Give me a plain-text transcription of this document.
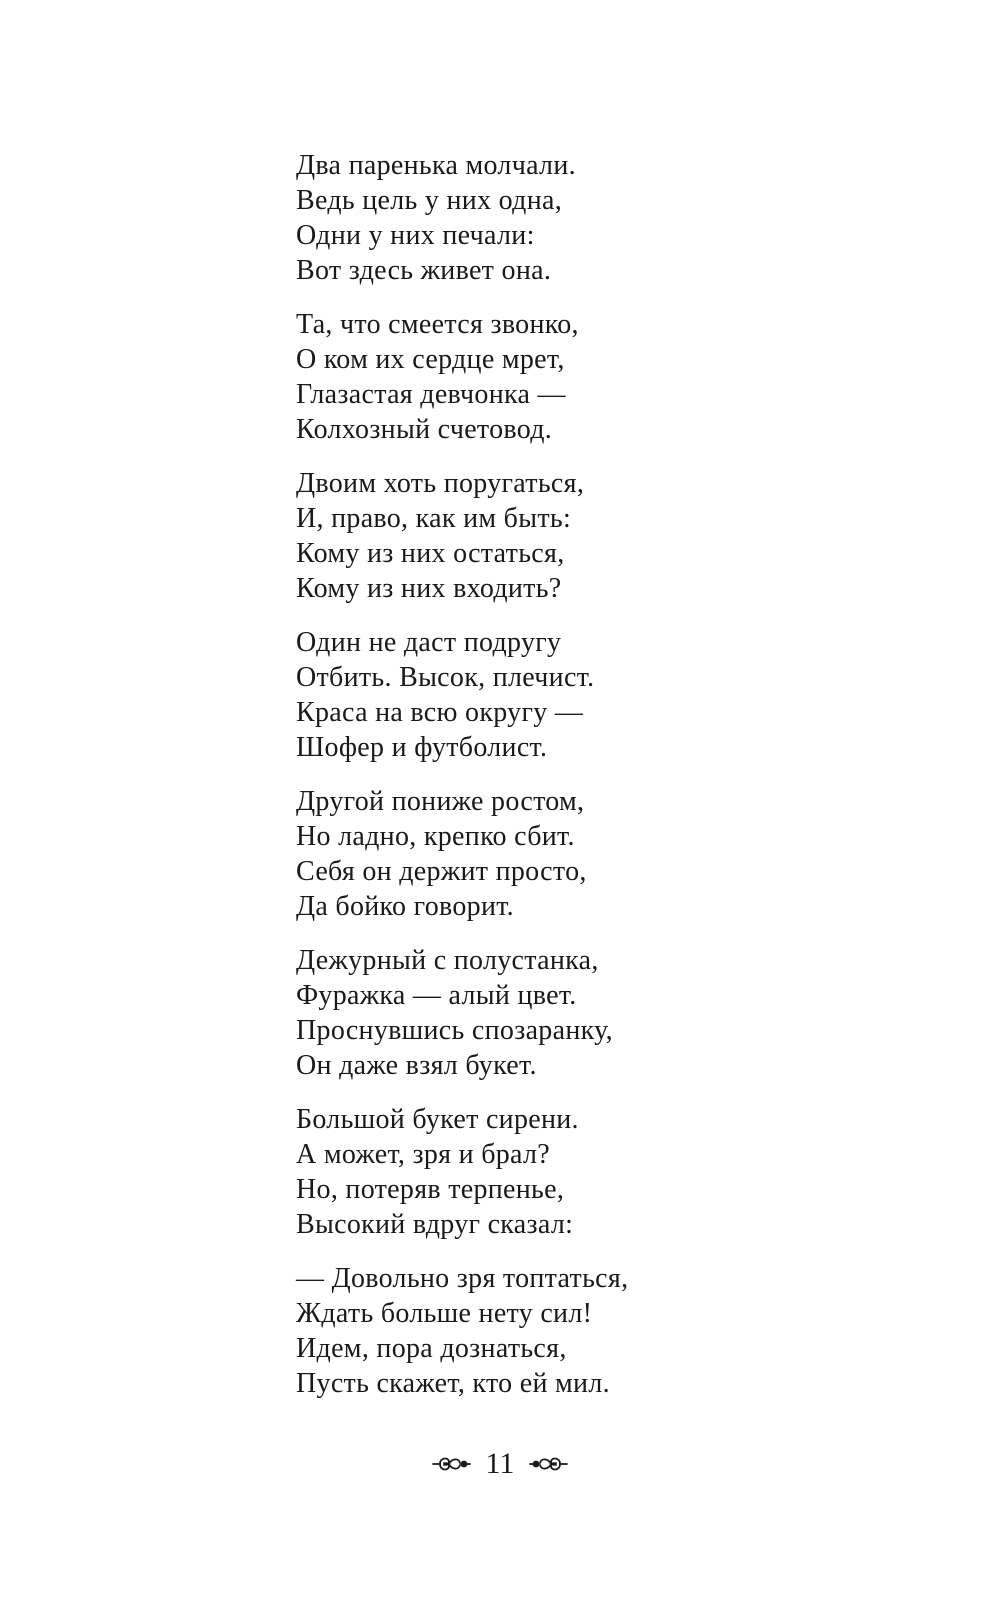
Два паренька молчали.
Ведь цель у них одна,
Одни у них печали:
Вот здесь живет она.
Та, что смеется звонко,
О ком их сердце мрет,
Глазастая девчонка —
Колхозный счетовод.
Двоим хоть поругаться,
И, право, как им быть:
Кому из них остаться,
Кому из них входить?
Один не даст подругу
Отбить. Высок, плечист.
Краса на всю округу —
Шофер и футболист.
Другой пониже ростом,
Но ладно, крепко сбит.
Себя он держит просто,
Да бойко говорит.
Дежурный с полустанка,
Фуражка — алый цвет.
Проснувшись спозаранку,
Он даже взял букет.
Большой букет сирени.
А может, зря и брал?
Но, потеряв терпенье,
Высокий вдруг сказал:
— Довольно зря топтаться,
Ждать больше нету сил!
Идем, пора дознаться,
Пусть скажет, кто ей мил.
11
